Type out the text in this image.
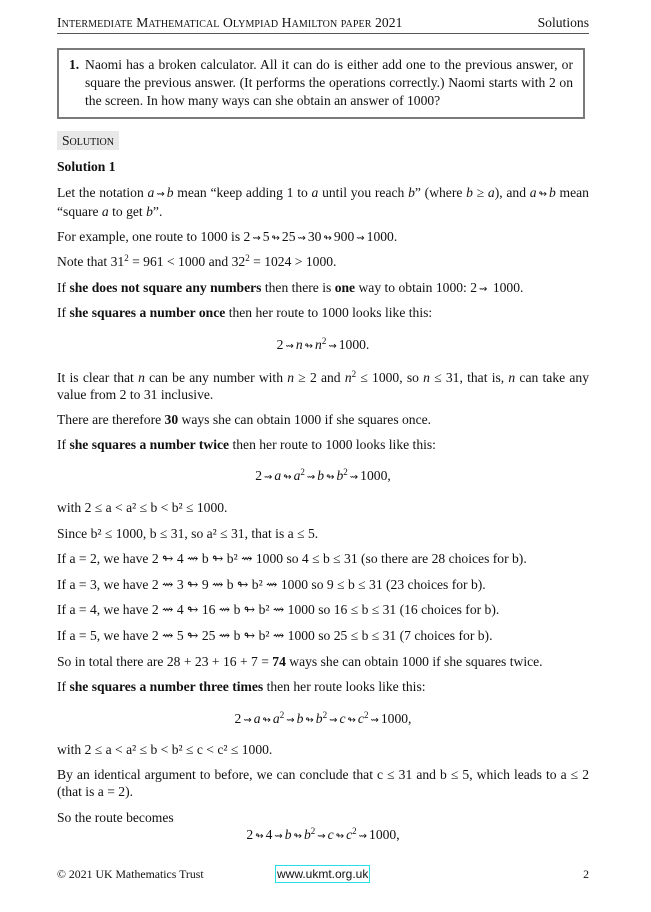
Intermediate Mathematical Olympiad Hamilton paper 2021	Solutions
1. Naomi has a broken calculator. All it can do is either add one to the previous answer, or square the previous answer. (It performs the operations correctly.) Naomi starts with 2 on the screen. In how many ways can she obtain an answer of 1000?
Solution
Solution 1
Let the notation a ⇝ b mean “keep adding 1 to a until you reach b” (where b ≥ a), and a ↬ b mean “square a to get b”.
For example, one route to 1000 is 2 ⇝ 5 ↬ 25 ⇝ 30 ↬ 900 ⇝ 1000.
Note that $31^2 = 961 < 1000$ and $32^2 = 1024 > 1000$.
If she does not square any numbers then there is one way to obtain 1000: 2 ⇝ 1000.
If she squares a number once then her route to 1000 looks like this:
2 ⇝ n ↬ $n^2$ ⇝ 1000.
It is clear that n can be any number with n ≥ 2 and $n^2 \le 1000$, so n ≤ 31, that is, n can take any value from 2 to 31 inclusive.
There are therefore 30 ways she can obtain 1000 if she squares once.
If she squares a number twice then her route to 1000 looks like this:
2 ⇝ a ↬ $a^2$ ⇝ b ↬ $b^2$ ⇝ 1000,
with 2 ≤ a < a² ≤ b < b² ≤ 1000.
Since b² ≤ 1000, b ≤ 31, so a² ≤ 31, that is a ≤ 5.
If a = 2, we have 2 ↬ 4 ⇝ b ↬ b² ⇝ 1000 so 4 ≤ b ≤ 31 (so there are 28 choices for b).
If a = 3, we have 2 ⇝ 3 ↬ 9 ⇝ b ↬ b² ⇝ 1000 so 9 ≤ b ≤ 31 (23 choices for b).
If a = 4, we have 2 ⇝ 4 ↬ 16 ⇝ b ↬ b² ⇝ 1000 so 16 ≤ b ≤ 31 (16 choices for b).
If a = 5, we have 2 ⇝ 5 ↬ 25 ⇝ b ↬ b² ⇝ 1000 so 25 ≤ b ≤ 31 (7 choices for b).
So in total there are 28 + 23 + 16 + 7 = 74 ways she can obtain 1000 if she squares twice.
If she squares a number three times then her route looks like this:
2 ⇝ a ↬ $a^2$ ⇝ b ↬ $b^2$ ⇝ c ↬ $c^2$ ⇝ 1000,
with 2 ≤ a < a² ≤ b < b² ≤ c < c² ≤ 1000.
By an identical argument to before, we can conclude that c ≤ 31 and b ≤ 5, which leads to a ≤ 2 (that is a = 2).
So the route becomes
2 ↬ 4 ⇝ b ↬ $b^2$ ⇝ c ↬ $c^2$ ⇝ 1000,
© 2021 UK Mathematics Trust	www.ukmt.org.uk	2
